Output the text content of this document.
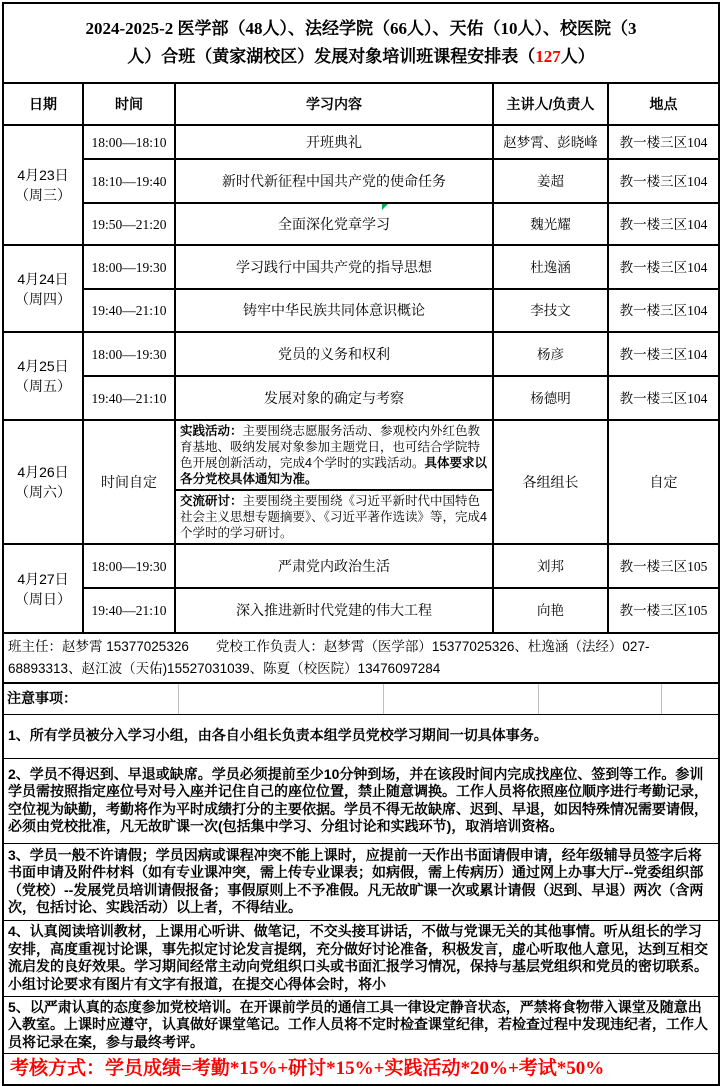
2024-2025-2 医学部（48人）、法经学院（66人）、天佑（10人）、校医院（3
人）合班（黄家湖校区）发展对象培训班课程安排表（127人）				

日期	时间	学习内容	主讲人/负责人	地点

4月23日
（周三）	18:00—18:10	开班典礼	赵梦霄、彭晓峰	教一楼三区104
	18:10—19:40	新时代新征程中国共产党的使命任务	姜超	教一楼三区104
	19:50—21:20	全面深化党章学习	魏光耀	教一楼三区104

4月24日
（周四）	18:00—19:30	学习践行中国共产党的指导思想	杜逸涵	教一楼三区104
	19:40—21:10	铸牢中华民族共同体意识概论	李技文	教一楼三区104

4月25日
（周五）	18:00—19:30	党员的义务和权利	杨彦	教一楼三区104
	19:40—21:10	发展对象的确定与考察	杨德明	教一楼三区104

4月26日
（周六）	时间自定	实践活动：主要围绕志愿服务活动、参观校内外红色教育基地、吸纳发展对象参加主题党日，也可结合学院特色开展创新活动，完成4个学时的实践活动。具体要求以各分党校具体通知为准。	各组组长	自定
		交流研讨：主要围绕主要围绕《习近平新时代中国特色社会主义思想专题摘要》、《习近平著作选读》等，完成4个学时的学习研讨。		

4月27日
（周日）	18:00—19:30	严肃党内政治生活	刘邦	教一楼三区105
	19:40—21:10	深入推进新时代党建的伟大工程	向艳	教一楼三区105
班主任：赵梦霄 15377025326　　党校工作负责人：赵梦霄（医学部）15377025326、杜逸涵（法经）027-68893313、赵江波（天佑)15527031039、陈夏（校医院）13476097284				
注意事项：				

1、所有学员被分入学习小组，由各自小组长负责本组学员党校学习期间一切具体事务。				
2、学员不得迟到、早退或缺席。学员必须提前至少10分钟到场，并在该段时间内完成找座位、签到等工作。参训学员需按照指定座位号对号入座并记住自己的座位位置，禁止随意调换。工作人员将依照座位顺序进行考勤记录，空位视为缺勤，考勤将作为平时成绩打分的主要依据。学员不得无故缺席、迟到、早退，如因特殊情况需要请假，必须由党校批准，凡无故旷课一次(包括集中学习、分组讨论和实践环节)，取消培训资格。				
3、学员一般不许请假；学员因病或课程冲突不能上课时，应提前一天作出书面请假申请，经年级辅导员签字后将书面申请及附件材料（如有专业课冲突，需上传专业课表；如病假，需上传病历）通过网上办事大厅--党委组织部（党校）--发展党员培训请假报备；事假原则上不予准假。凡无故旷课一次或累计请假（迟到、早退）两次（含两次，包括讨论、实践活动）以上者，不得结业。				
4、认真阅读培训教材，上课用心听讲、做笔记，不交头接耳讲话，不做与党课无关的其他事情。听从组长的学习安排，高度重视讨论课，事先拟定讨论发言提纲，充分做好讨论准备，积极发言，虚心听取他人意见，达到互相交流启发的良好效果。学习期间经常主动向党组织口头或书面汇报学习情况，保持与基层党组织和党员的密切联系。小组讨论要求有图片有文字有报道，在提交心得体会时，将小				
5、以严肃认真的态度参加党校培训。在开课前学员的通信工具一律设定静音状态，严禁将食物带入课堂及随意出入教室。上课时应遵守，认真做好课堂笔记。工作人员将不定时检查课堂纪律，若检查过程中发现违纪者，工作人员将记录在案，参与最终考评。				
考核方式：学员成绩=考勤*15%+研讨*15%+实践活动*20%+考试*50%				
